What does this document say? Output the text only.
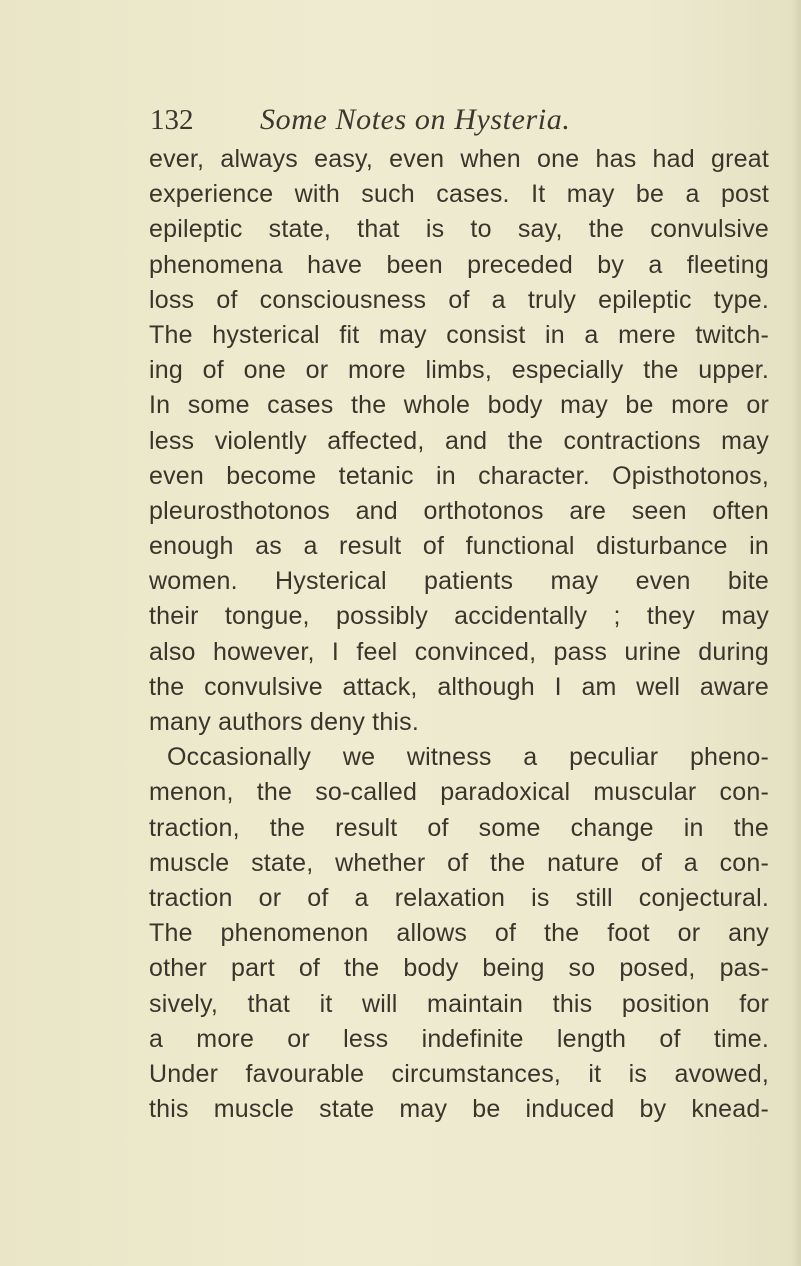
132	Some Notes on Hysteria.
ever, always easy, even when one has had great
experience with such cases. It may be a post
epileptic state, that is to say, the convulsive
phenomena have been preceded by a fleeting
loss of consciousness of a truly epileptic type.
The hysterical fit may consist in a mere twitch-
ing of one or more limbs, especially the upper.
In some cases the whole body may be more or
less violently affected, and the contractions may
even become tetanic in character. Opisthotonos,
pleurosthotonos and orthotonos are seen often
enough as a result of functional disturbance in
women. Hysterical patients may even bite
their tongue, possibly accidentally ; they may
also however, I feel convinced, pass urine during
the convulsive attack, although I am well aware
many authors deny this.
Occasionally we witness a peculiar pheno-
menon, the so-called paradoxical muscular con-
traction, the result of some change in the
muscle state, whether of the nature of a con-
traction or of a relaxation is still conjectural.
The phenomenon allows of the foot or any
other part of the body being so posed, pas-
sively, that it will maintain this position for
a more or less indefinite length of time.
Under favourable circumstances, it is avowed,
this muscle state may be induced by knead-
